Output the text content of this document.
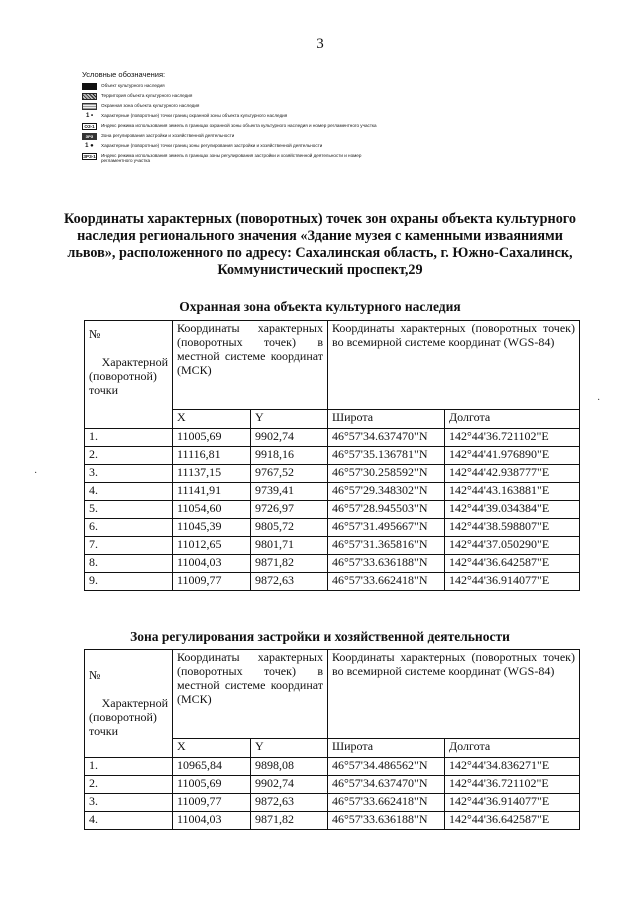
3
Условные обозначения:
Объект культурного наследия
Территория объекта культурного наследия
Охранная зона объекта культурного наследия
1 •	Характерные (поворотные) точки границ охранной зоны объекта культурного наследия
ОЗ-1	Индекс режима использования земель в границах охранной зоны объекта культурного наследия и номер регламентного участка
ЗРЗ	Зона регулирования застройки и хозяйственной деятельности
1 ●	Характерные (поворотные) точки границ зоны регулирования застройки и хозяйственной деятельности
ЗРЗ-1 Индекс режима использования земель в границах зоны регулирования застройки и хозяйственной деятельности и номер регламентного участка
Координаты характерных (поворотных) точек зон охраны объекта культурного наследия регионального значения «Здание музея с каменными изваяниями львов», расположенного по адресу: Сахалинская область, г. Южно-Сахалинск, Коммунистический проспект,29
Охранная зона объекта культурного наследия
№
Характерной
(поворотной)
точки	Координаты характерных (поворотных точек) в местной системе координат (МСК)		Координаты характерных (поворотных точек) во всемирной системе координат (WGS-84)	
	X	Y	Широта	Долгота
1.	11005,69	9902,74	46°57'34.637470"N	142°44'36.721102"E
2.	11116,81	9918,16	46°57'35.136781"N	142°44'41.976890"E
3.	11137,15	9767,52	46°57'30.258592"N	142°44'42.938777"E
4.	11141,91	9739,41	46°57'29.348302"N	142°44'43.163881"E
5.	11054,60	9726,97	46°57'28.945503"N	142°44'39.034384"E
6.	11045,39	9805,72	46°57'31.495667"N	142°44'38.598807"E
7.	11012,65	9801,71	46°57'31.365816"N	142°44'37.050290"E
8.	11004,03	9871,82	46°57'33.636188"N	142°44'36.642587"E
9.	11009,77	9872,63	46°57'33.662418"N	142°44'36.914077"E
Зона регулирования застройки и хозяйственной деятельности
№
Характерной
(поворотной)
точки	Координаты характерных (поворотных точек) в местной системе координат (МСК)		Координаты характерных (поворотных точек) во всемирной системе координат (WGS-84)	
	X	Y	Широта	Долгота
1.	10965,84	9898,08	46°57'34.486562"N	142°44'34.836271"E
2.	11005,69	9902,74	46°57'34.637470"N	142°44'36.721102"E
3.	11009,77	9872,63	46°57'33.662418"N	142°44'36.914077"E
4.	11004,03	9871,82	46°57'33.636188"N	142°44'36.642587"E
·
·
